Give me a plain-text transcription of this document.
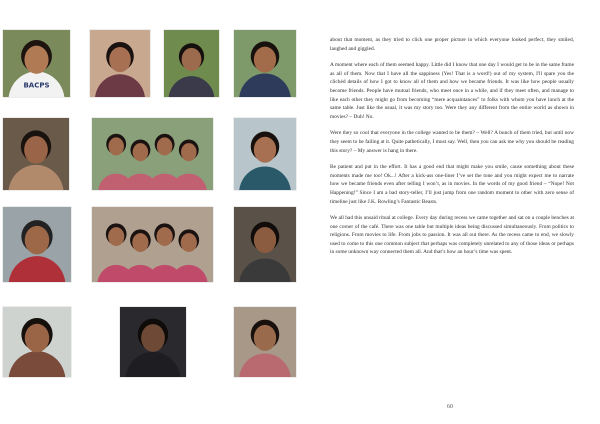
BACPS

about that moment, as they tried to click one proper picture in which everyone looked perfect, they smiled, laughed and giggled.

A moment where each of them seemed happy. Little did I know that one day I would get to be in the same frame as all of them. Now that I have all the sappiness (Yes! That is a word!) out of my system, I'll spare you the clichéd details of how I got to know all of them and how we became friends. It was like how people usually become friends. People have mutual friends, who meet once in a while, and if they meet often, and manage to like each other they might go from becoming “mere acquaintances” to folks with whom you have lunch at the same table. Just like the usual, it was my story too. Were they any different from the entire world as shown in movies? – Duh! No.

Were they so cool that everyone in the college wanted to be them? – Well? A bunch of them tried, but until now they seem to be failing at it. Quite pathetically, I must say. Well, then you can ask me why you should be reading this story? – My answer is hang in there.

Be patient and put in the effort. It has a good end that might make you smile, cause something about these moments made me too! Ok...! After a kick-ass one-liner I’ve set the tone and you might expect me to narrate how we became friends even after telling I won’t, as in movies. In the words of my good friend – “Nope! Not Happening!” Since I am a bad story-teller, I’ll just jump from one random moment to other with zero sense of timeline just like J.K. Rowling’s Fantastic Beasts.

We all had this unsaid ritual at college. Every day during recess we came together and sat on a couple benches at one corner of the café. There was one table but multiple ideas being discussed simultaneously. From politics to religions. From movies to life. From jobs to passion. It was all out there. As the recess came to end, we slowly used to come to this one common subject that perhaps was completely unrelated to any of those ideas or perhaps in some unknown way connected them all. And that’s how an hour’s time was spent.

60
